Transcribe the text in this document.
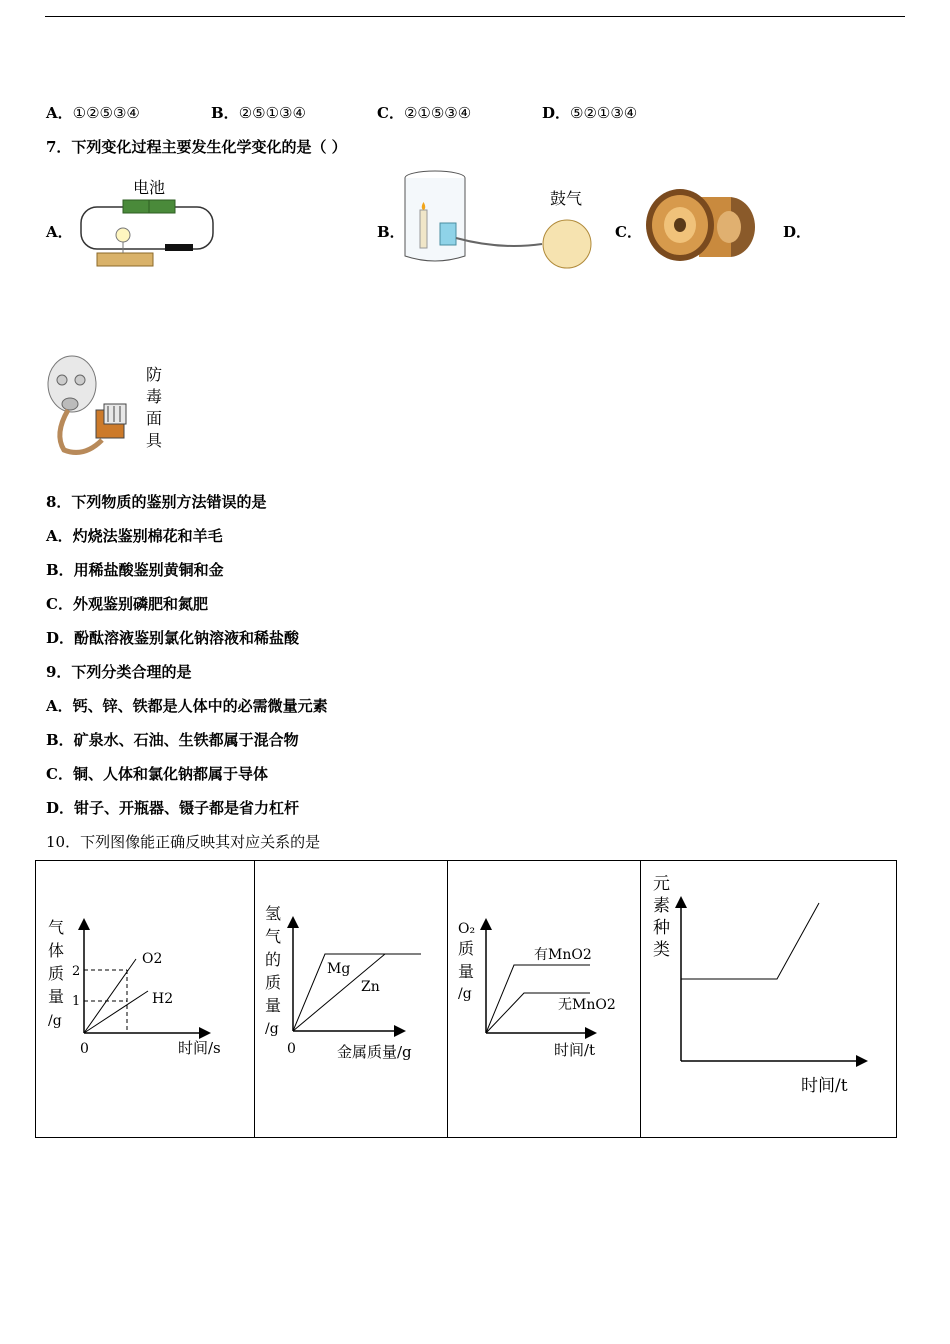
A．①②⑤③④	B．②⑤①③④	C．②①⑤③④	D．⑤②①③④
7．下列变化过程主要发生化学变化的是（ ）
A．	B．	C．	D．
电池
鼓气
防毒面具
8．下列物质的鉴别方法错误的是
A．灼烧法鉴别棉花和羊毛
B．用稀盐酸鉴别黄铜和金
C．外观鉴别磷肥和氮肥
D．酚酞溶液鉴别氯化钠溶液和稀盐酸
9．下列分类合理的是
A．钙、锌、铁都是人体中的必需微量元素
B．矿泉水、石油、生铁都属于混合物
C．铜、人体和氯化钠都属于导体
D．钳子、开瓶器、镊子都是省力杠杆
10．下列图像能正确反映其对应关系的是
气
体
质
量
/g
2
1
O2
H2
0	时间/s

氢
气
的
质
量
/g
Mg
Zn
0	金属质量/g

O₂
质
量
/g
有MnO2
无MnO2
时间/t

元
素
种
类
时间/t
